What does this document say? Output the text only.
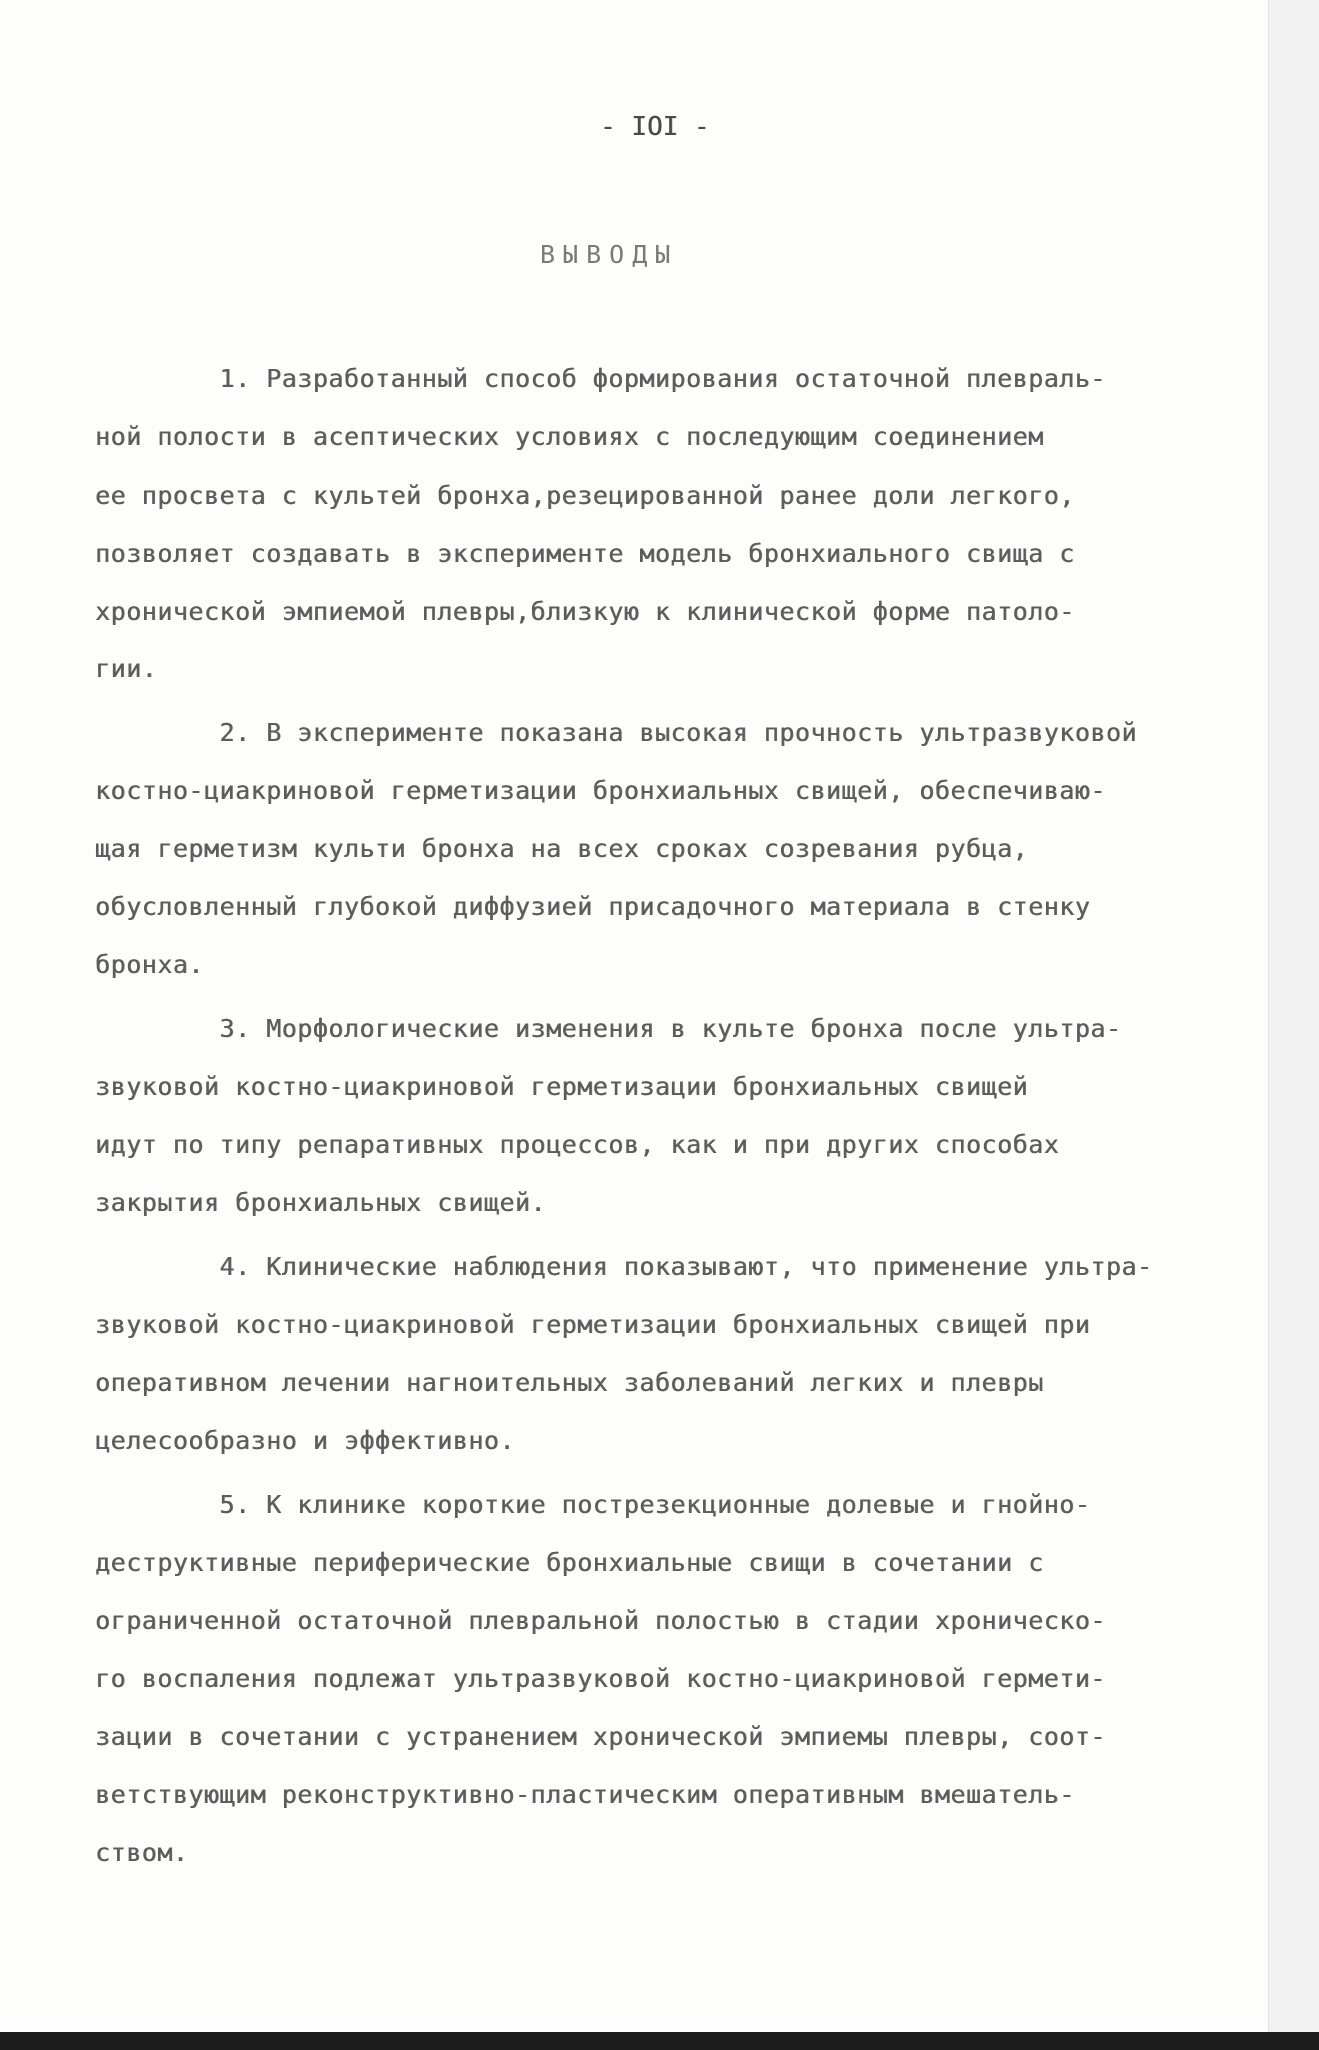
- IOI -
ВЫВОДЫ
1. Разработанный способ формирования остаточной плевраль-
ной полости в асептических условиях с последующим соединением
ее просвета с культей бронха,резецированной ранее доли легкого,
позволяет создавать в эксперименте модель бронхиального свища с
хронической эмпиемой плевры,близкую к клинической форме патоло-
гии.
2. В эксперименте показана высокая прочность ультразвуковой
костно-циакриновой герметизации бронхиальных свищей, обеспечиваю-
щая герметизм культи бронха на всех сроках созревания рубца,
обусловленный глубокой диффузией присадочного материала в стенку
бронха.
3. Морфологические изменения в культе бронха после ультра-
звуковой костно-циакриновой герметизации бронхиальных свищей
идут по типу репаративных процессов, как и при других способах
закрытия бронхиальных свищей.
4. Клинические наблюдения показывают, что применение ультра-
звуковой костно-циакриновой герметизации бронхиальных свищей при
оперативном лечении нагноительных заболеваний легких и плевры
целесообразно и эффективно.
5. К клинике короткие пострезекционные долевые и гнойно-
деструктивные периферические бронхиальные свищи в сочетании с
ограниченной остаточной плевральной полостью в стадии хроническо-
го воспаления подлежат ультразвуковой костно-циакриновой гермети-
зации в сочетании с устранением хронической эмпиемы плевры, соот-
ветствующим реконструктивно-пластическим оперативным вмешатель-
ством.
